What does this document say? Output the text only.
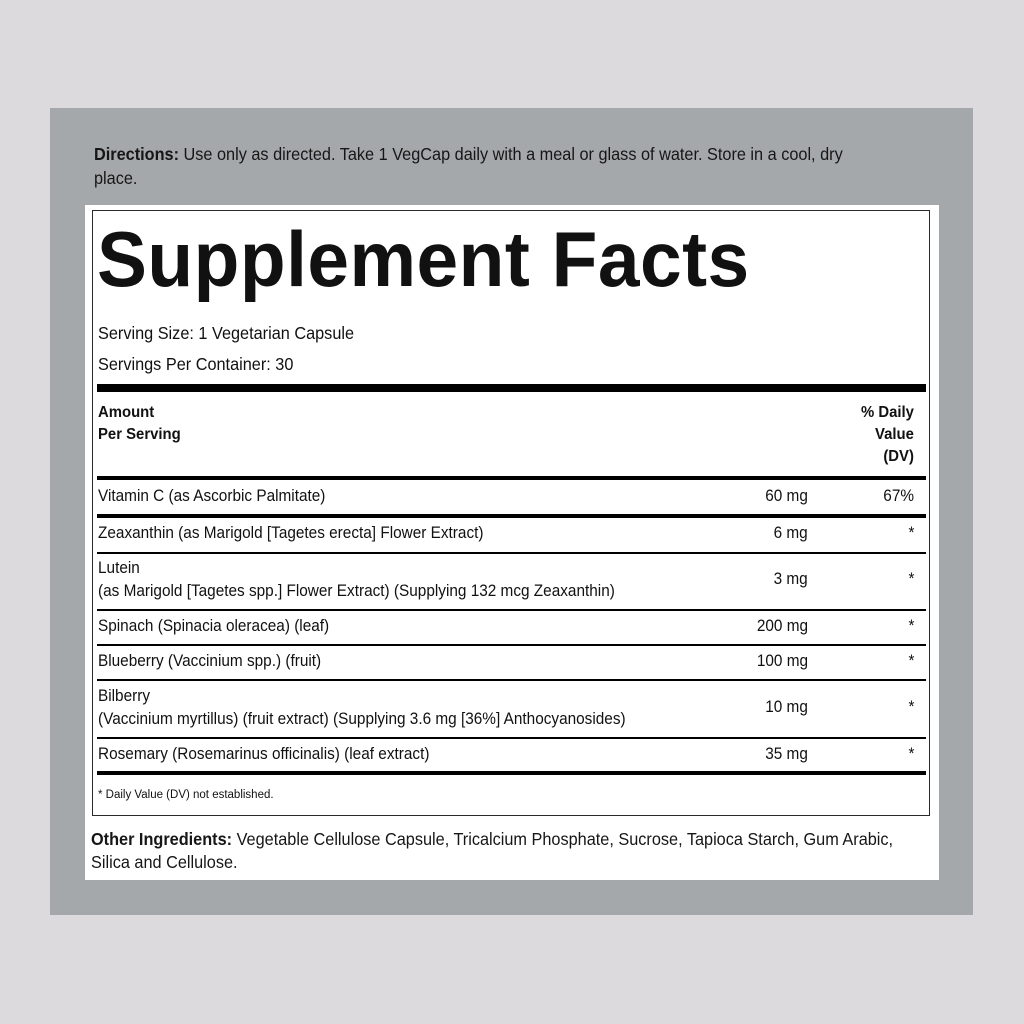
Directions: Use only as directed. Take 1 VegCap daily with a meal or glass of water. Store in a cool, dry place.
Supplement Facts
Serving Size: 1 Vegetarian Capsule
Servings Per Container: 30
Amount
Per Serving
% Daily
Value
(DV)
Vitamin C (as Ascorbic Palmitate)	60 mg	67%
Zeaxanthin (as Marigold [Tagetes erecta] Flower Extract)	6 mg	*
Lutein
(as Marigold [Tagetes spp.] Flower Extract) (Supplying 132 mcg Zeaxanthin)
3 mg	*
Spinach (Spinacia oleracea) (leaf)	200 mg	*
Blueberry (Vaccinium spp.) (fruit)	100 mg	*
Bilberry
(Vaccinium myrtillus) (fruit extract) (Supplying 3.6 mg [36%] Anthocyanosides)
10 mg	*
Rosemary (Rosemarinus officinalis) (leaf extract)	35 mg	*
* Daily Value (DV) not established.
Other Ingredients: Vegetable Cellulose Capsule, Tricalcium Phosphate, Sucrose, Tapioca Starch, Gum Arabic, Silica and Cellulose.
